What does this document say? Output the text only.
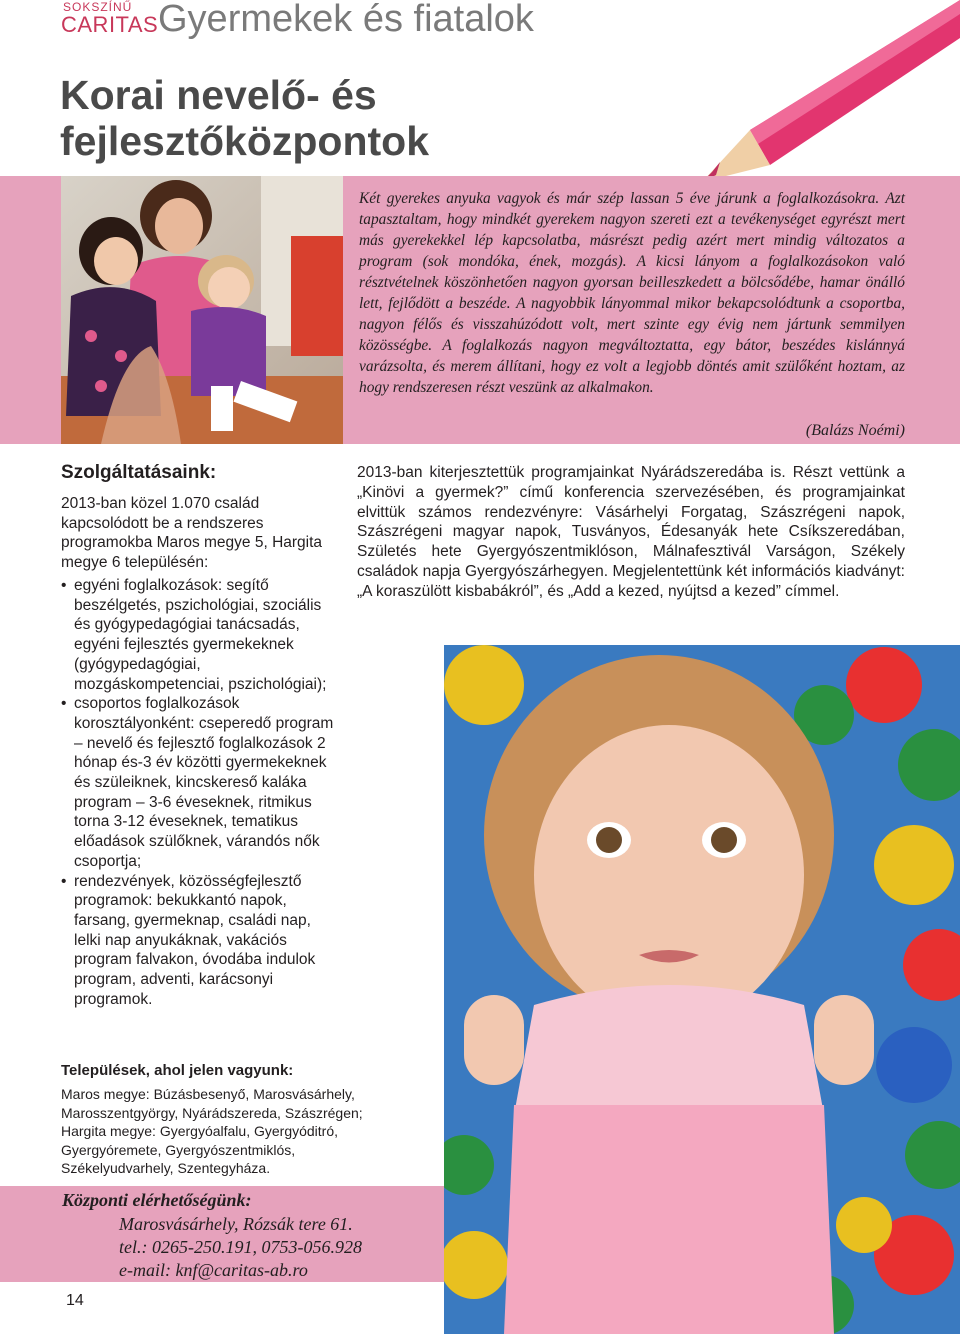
SOKSZÍNŰ
CARITAS Gyermekek és fiatalok
Korai nevelő- és
fejlesztőközpontok
Két gyerekes anyuka vagyok és már szép lassan 5 éve járunk a foglalkozásokra. Azt tapasztaltam, hogy mindkét gyerekem nagyon szereti ezt a tevékenységet egyrészt mert más gyerekekkel lép kapcsolatba, másrészt pedig azért mert mindig változatos a program (sok mondóka, ének, mozgás). A kicsi lányom a foglalkozásokon való résztvételnek köszönhetően nagyon gyorsan beilleszkedett a bölcsődébe, hamar önálló lett, fejlődött a beszéde. A nagyobbik lányommal mikor bekapcsolódtunk a csoportba, nagyon félős és visszahúzódott volt, mert szinte egy évig nem jártunk semmilyen közösségbe. A foglalkozás nagyon megváltoztatta, egy bátor, beszédes kislánnyá varázsolta, és merem állítani, hogy ez volt a legjobb döntés amit szülőként hoztam, az hogy rendszeresen részt veszünk az alkalmakon.
(Balázs Noémi)
Szolgáltatásaink:
2013-ban közel 1.070 család kapcsolódott be a rendszeres programokba Maros megye 5, Hargita megye 6 településén:
• egyéni foglalkozások: segítő beszélgetés, pszichológiai, szociális és gyógypedagógiai tanácsadás, egyéni fejlesztés gyermekeknek (gyógypedagógiai, mozgáskompetenciai, pszichológiai);
• csoportos foglalkozások korosztályonként: cseperedő program – nevelő és fejlesztő foglalkozások 2 hónap és-3 év közötti gyermekeknek és szüleiknek, kincskereső kaláka program – 3-6 éveseknek, ritmikus torna 3-12 éveseknek, tematikus előadások szülőknek, várandós nők csoportja;
• rendezvények, közösségfejlesztő programok: bekukkantó napok, farsang, gyermeknap, családi nap, lelki nap anyukáknak, vakációs program falvakon, óvodába indulok program, adventi, karácsonyi programok.
2013-ban kiterjesztettük programjainkat Nyárádszeredába is. Részt vettünk a „Kinövi a gyermek?” című konferencia szervezésében, és programjainkat elvittük számos rendezvényre: Vásárhelyi Forgatag, Szászrégeni napok, Szászrégeni magyar napok, Tusványos, Édesanyák hete Csíkszeredában, Születés hete Gyergyószentmiklóson, Málnafesztivál Varságon, Székely családok napja Gyergyószárhegyen. Megjelentettünk két információs kiadványt: „A koraszülött kisbabákról”, és „Add a kezed, nyújtsd a kezed” címmel.
Települések, ahol jelen vagyunk:
Maros megye: Búzásbesenyő, Marosvásárhely, Marosszentgyörgy, Nyárádszereda, Szászrégen; Hargita megye: Gyergyóalfalu, Gyergyóditró, Gyergyóremete, Gyergyószentmiklós, Székelyudvarhely, Szentegyháza.
Központi elérhetőségünk:
Marosvásárhely, Rózsák tere 61.
tel.: 0265-250.191, 0753-056.928
e-mail: knf@caritas-ab.ro
14
